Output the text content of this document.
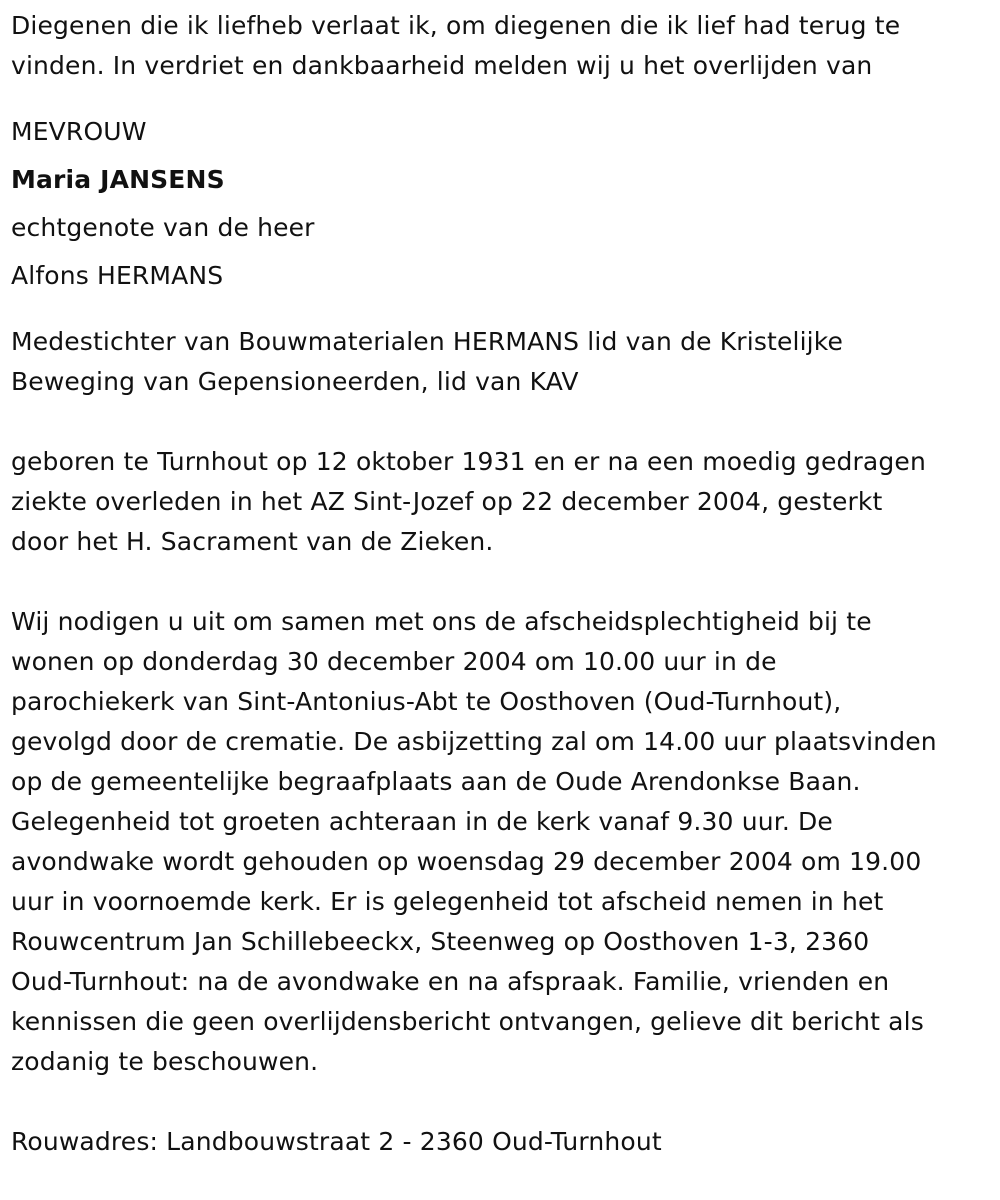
Diegenen die ik liefheb verlaat ik, om diegenen die ik lief had terug te
vinden. In verdriet en dankbaarheid melden wij u het overlijden van

MEVROUW
Maria JANSENS
echtgenote van de heer
Alfons HERMANS

Medestichter van Bouwmaterialen HERMANS lid van de Kristelijke
Beweging van Gepensioneerden, lid van KAV

geboren te Turnhout op 12 oktober 1931 en er na een moedig gedragen
ziekte overleden in het AZ Sint-Jozef op 22 december 2004, gesterkt
door het H. Sacrament van de Zieken.

Wij nodigen u uit om samen met ons de afscheidsplechtigheid bij te
wonen op donderdag 30 december 2004 om 10.00 uur in de
parochiekerk van Sint-Antonius-Abt te Oosthoven (Oud-Turnhout),
gevolgd door de crematie. De asbijzetting zal om 14.00 uur plaatsvinden
op de gemeentelijke begraafplaats aan de Oude Arendonkse Baan.
Gelegenheid tot groeten achteraan in de kerk vanaf 9.30 uur. De
avondwake wordt gehouden op woensdag 29 december 2004 om 19.00
uur in voornoemde kerk. Er is gelegenheid tot afscheid nemen in het
Rouwcentrum Jan Schillebeeckx, Steenweg op Oosthoven 1-3, 2360
Oud-Turnhout: na de avondwake en na afspraak. Familie, vrienden en
kennissen die geen overlijdensbericht ontvangen, gelieve dit bericht als
zodanig te beschouwen.

Rouwadres: Landbouwstraat 2 - 2360 Oud-Turnhout
